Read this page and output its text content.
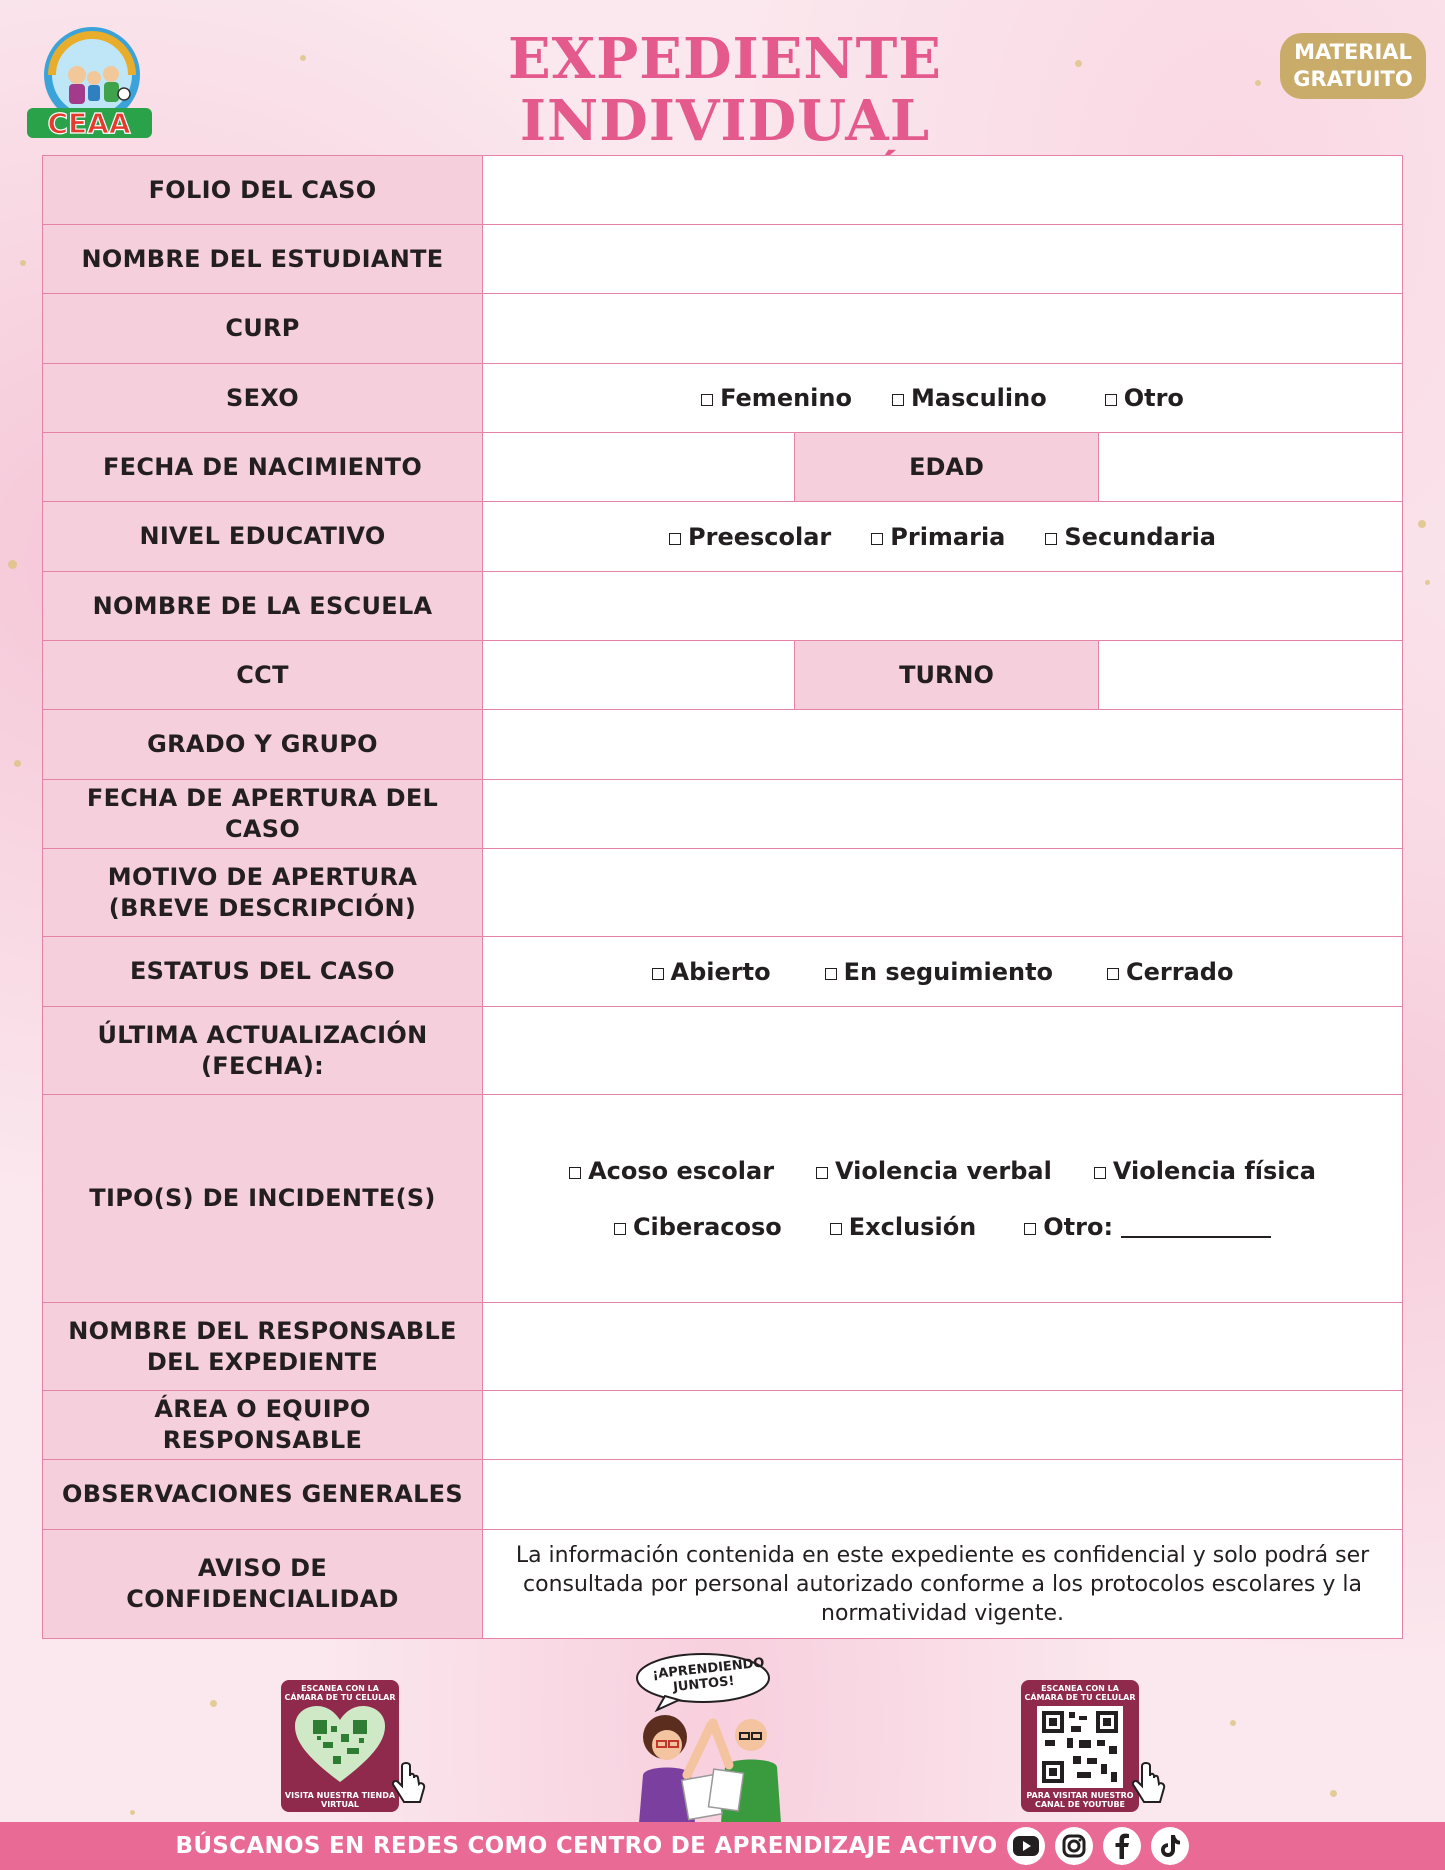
CEAA
EXPEDIENTE INDIVIDUAL
MATERIAL
GRATUITO
FOLIO DEL CASO
NOMBRE DEL ESTUDIANTE
CURP
SEXO	Femenino Masculino	Otro
FECHA DE NACIMIENTO	EDAD
NIVEL EDUCATIVO	Preescolar Primaria Secundaria
NOMBRE DE LA ESCUELA
CCT	TURNO
GRADO Y GRUPO
FECHA DE APERTURA DEL CASO
MOTIVO DE APERTURA (BREVE DESCRIPCIÓN)
ESTATUS DEL CASO	Abierto	En seguimiento	Cerrado
ÚLTIMA ACTUALIZACIÓN (FECHA):
TIPO(S) DE INCIDENTE(S)
Acoso escolar	Violencia verbal	Violencia física
Ciberacoso	Exclusión	Otro:
NOMBRE DEL RESPONSABLE DEL EXPEDIENTE
ÁREA O EQUIPO RESPONSABLE
OBSERVACIONES GENERALES
AVISO DE CONFIDENCIALIDAD
La información contenida en este expediente es confidencial y solo podrá ser consultada por personal autorizado conforme a los protocolos escolares y la normatividad vigente.
ESCANEA CON LA CÁMARA DE TU CELULAR
VISITA NUESTRA TIENDA VIRTUAL
¡APRENDIENDO JUNTOS!	ESCANEA CON LA CÁMARA DE TU CELULAR
PARA VISITAR NUESTRO CANAL DE YOUTUBE
BÚSCANOS EN REDES COMO CENTRO DE APRENDIZAJE ACTIVO
